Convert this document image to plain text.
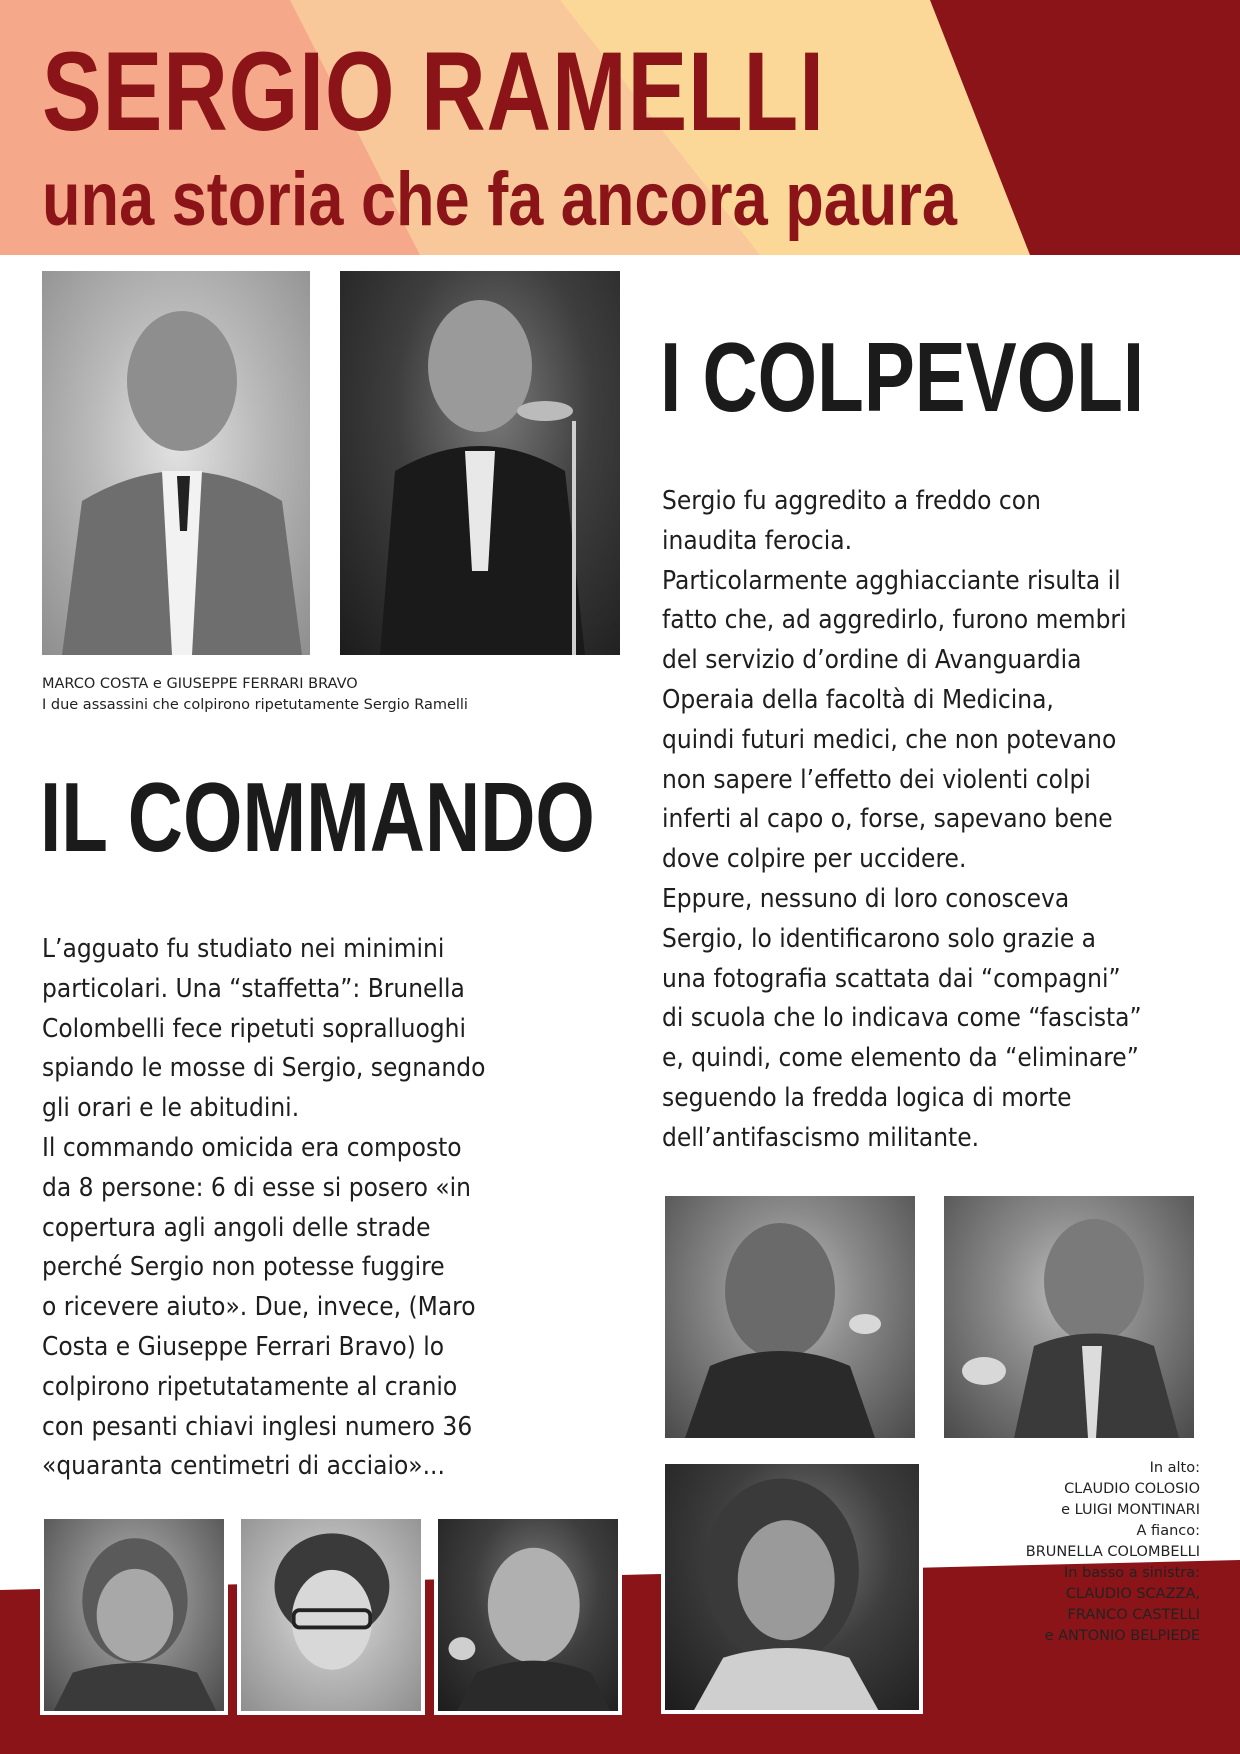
SERGIO RAMELLI
una storia che fa ancora paura
MARCO COSTA e GIUSEPPE FERRARI BRAVO
I due assassini che colpirono ripetutamente Sergio Ramelli
IL COMMANDO
L’agguato fu studiato nei minimini
particolari. Una “staffetta”: Brunella
Colombelli fece ripetuti sopralluoghi
spiando le mosse di Sergio, segnando
gli orari e le abitudini.
Il commando omicida era composto
da 8 persone: 6 di esse si posero «in
copertura agli angoli delle strade
perché Sergio non potesse fuggire
o ricevere aiuto». Due, invece, (Maro
Costa e Giuseppe Ferrari Bravo) lo
colpirono ripetutatamente al cranio
con pesanti chiavi inglesi numero 36
«quaranta centimetri di acciaio»...
I COLPEVOLI
Sergio fu aggredito a freddo con
inaudita ferocia.
Particolarmente agghiacciante risulta il
fatto che, ad aggredirlo, furono membri
del servizio d’ordine di Avanguardia
Operaia della facoltà di Medicina,
quindi futuri medici, che non potevano
non sapere l’effetto dei violenti colpi
inferti al capo o, forse, sapevano bene
dove colpire per uccidere.
Eppure, nessuno di loro conosceva
Sergio, lo identificarono solo grazie a
una fotografia scattata dai “compagni”
di scuola che lo indicava come “fascista”
e, quindi, come elemento da “eliminare”
seguendo la fredda logica di morte
dell’antifascismo militante.
In alto:
CLAUDIO COLOSIO
e LUIGI MONTINARI
A fianco:
BRUNELLA COLOMBELLI
In basso a sinistra:
CLAUDIO SCAZZA,
FRANCO CASTELLI
e ANTONIO BELPIEDE
